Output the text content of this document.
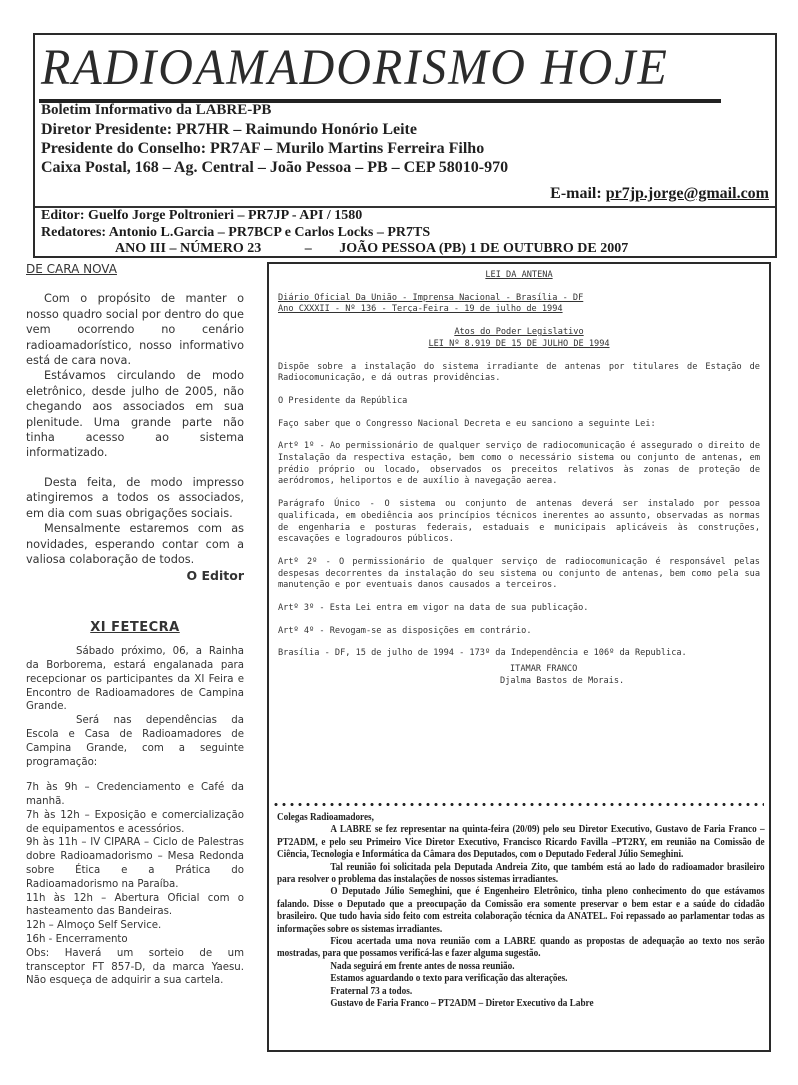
RADIOAMADORISMO HOJE
Boletim Informativo da LABRE-PB
Diretor Presidente: PR7HR – Raimundo Honório Leite
Presidente do Conselho: PR7AF – Murilo Martins Ferreira Filho
Caixa Postal, 168 – Ag. Central – João Pessoa – PB – CEP 58010-970
E-mail: pr7jp.jorge@gmail.com
Editor: Guelfo Jorge Poltronieri – PR7JP - API / 1580
Redatores: Antonio L.Garcia – PR7BCP e Carlos Locks – PR7TS
ANO III – NÚMERO 23	– JOÃO PESSOA (PB) 1 DE OUTUBRO DE 2007
DE CARA NOVA

Com o propósito de manter o nosso quadro social por dentro do que vem ocorrendo no cenário radioamadorístico, nosso informativo está de cara nova.

Estávamos circulando de modo eletrônico, desde julho de 2005, não chegando aos associados em sua plenitude. Uma grande parte não tinha acesso ao sistema informatizado.

Desta feita, de modo impresso atingiremos a todos os associados, em dia com suas obrigações sociais.

Mensalmente estaremos com as novidades, esperando contar com a valiosa colaboração de todos.

O Editor
XI FETECRA

Sábado próximo, 06, a Rainha da Borborema, estará engalanada para recepcionar os participantes da XI Feira e Encontro de Radioamadores de Campina Grande.

Será nas dependências da Escola e Casa de Radioamadores de Campina Grande, com a seguinte programação:

7h às 9h – Credenciamento e Café da manhã.

7h às 12h – Exposição e comercialização de equipamentos e acessórios.

9h às 11h – IV CIPARA – Ciclo de Palestras dobre Radioamadorismo – Mesa Redonda sobre Ética e a Prática do Radioamadorismo na Paraíba.

11h às 12h – Abertura Oficial com o hasteamento das Bandeiras.

12h – Almoço Self Service.

16h - Encerramento

Obs: Haverá um sorteio de um transceptor FT 857-D, da marca Yaesu. Não esqueça de adquirir a sua cartela.

LEI DA ANTENA

Diário Oficial Da União - Imprensa Nacional - Brasília - DF

Ano CXXXII - Nº 136 - Terça-Feira - 19 de julho de 1994

Atos do Poder Legislativo

LEI Nº 8.919 DE 15 DE JULHO DE 1994

Dispõe sobre a instalação do sistema irradiante de antenas por titulares de Estação de Radiocomunicação, e dá outras providências.

O Presidente da República

Faço saber que o Congresso Nacional Decreta e eu sanciono a seguinte Lei:

Artº 1º - Ao permissionário de qualquer serviço de radiocomunicação é assegurado o direito de Instalação da respectiva estação, bem como o necessário sistema ou conjunto de antenas, em prédio próprio ou locado, observados os preceitos relativos às zonas de proteção de aeródromos, heliportos e de auxílio à navegação aerea.

Parágrafo Único - O sistema ou conjunto de antenas deverá ser instalado por pessoa qualificada, em obediência aos princípios técnicos inerentes ao assunto, observadas as normas de engenharia e posturas federais, estaduais e municipais aplicáveis às construções, escavações e logradouros públicos.

Artº 2º - O permissionário de qualquer serviço de radiocomunicação é responsável pelas despesas decorrentes da instalação do seu sistema ou conjunto de antenas, bem como pela sua manutenção e por eventuais danos causados a terceiros.

Artº 3º - Esta Lei entra em vigor na data de sua publicação.

Artº 4º - Revogam-se as disposições em contrário.

Brasília - DF, 15 de julho de 1994 - 173º da Independência e 106º da Republica.

ITAMAR FRANCO

Djalma Bastos de Morais.

Colegas Radioamadores,

A LABRE se fez representar na quinta-feira (20/09) pelo seu Diretor Executivo, Gustavo de Faria Franco – PT2ADM, e pelo seu Primeiro Vice Diretor Executivo, Francisco Ricardo Favilla –PT2RY, em reunião na Comissão de Ciência, Tecnologia e Informática da Câmara dos Deputados, com o Deputado Federal Júlio Semeghini.

Tal reunião foi solicitada pela Deputada Andreia Zito, que também está ao lado do radioamador brasileiro para resolver o problema das instalações de nossos sistemas irradiantes.

O Deputado Júlio Semeghini, que é Engenheiro Eletrônico, tinha pleno conhecimento do que estávamos falando. Disse o Deputado que a preocupação da Comissão era somente preservar o bem estar e a saúde do cidadão brasileiro. Que tudo havia sido feito com estreita colaboração técnica da ANATEL. Foi repassado ao parlamentar todas as informações sobre os sistemas irradiantes.

Ficou acertada uma nova reunião com a LABRE quando as propostas de adequação ao texto nos serão mostradas, para que possamos verificá-las e fazer alguma sugestão.

Nada seguirá em frente antes de nossa reunião.

Estamos aguardando o texto para verificação das alterações.

Fraternal 73 a todos.

Gustavo de Faria Franco – PT2ADM – Diretor Executivo da Labre
